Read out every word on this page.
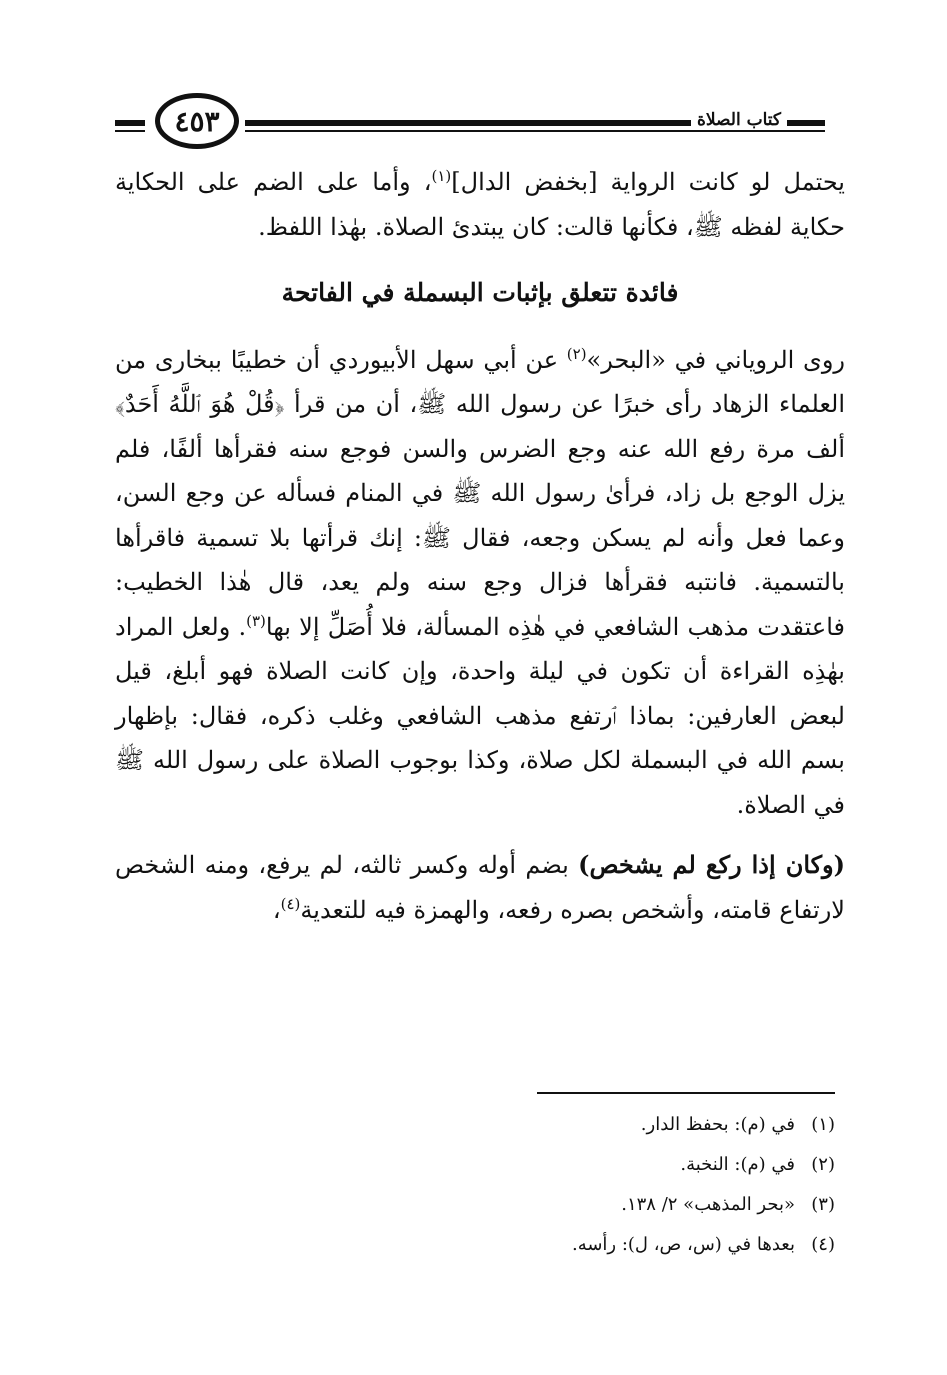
٤٥٣	كتاب الصلاة

يحتمل لو كانت الرواية [بخفض الدال]$^{(١)}$، وأما على الضم على الحكاية حكاية لفظه ﷺ، فكأنها قالت: كان يبتدئ الصلاة. بهٰذا اللفظ.

فائدة تتعلق بإثبات البسملة في الفاتحة

روى الروياني في «البحر»$^{(٢)}$ عن أبي سهل الأبيوردي أن خطيبًا ببخارى من العلماء الزهاد رأى خبرًا عن رسول الله ﷺ، أن من قرأ ﴿قُلْ هُوَ ٱللَّهُ أَحَدٌ﴾ ألف مرة رفع الله عنه وجع الضرس والسن فوجع سنه فقرأها ألفًا، فلم يزل الوجع بل زاد، فرأىٰ رسول الله ﷺ في المنام فسأله عن وجع السن، وعما فعل وأنه لم يسكن وجعه، فقال ﷺ: إنك قرأتها بلا تسمية فاقرأها بالتسمية. فانتبه فقرأها فزال وجع سنه ولم يعد، قال هٰذا الخطيب: فاعتقدت مذهب الشافعي في هٰذِه المسألة، فلا أُصَلِّ إلا بها$^{(٣)}$. ولعل المراد بهٰذِه القراءة أن تكون في ليلة واحدة، وإن كانت الصلاة فهو أبلغ، قيل لبعض العارفين: بماذا ٱرتفع مذهب الشافعي وغلب ذكره، فقال: بإظهار بسم الله في البسملة لكل صلاة، وكذا بوجوب الصلاة على رسول الله ﷺ في الصلاة.

(وكان إذا ركع لم يشخص) بضم أوله وكسر ثالثه، لم يرفع، ومنه الشخص لارتفاع قامته، وأشخص بصره رفعه، والهمزة فيه للتعدية$^{(٤)}$،

(١)
في (م): بحفظ الدار.
(٢)
في (م): النخبة.
(٣)
«بحر المذهب» ٢/ ١٣٨.
(٤)
بعدها في (س، ص، ل): رأسه.
